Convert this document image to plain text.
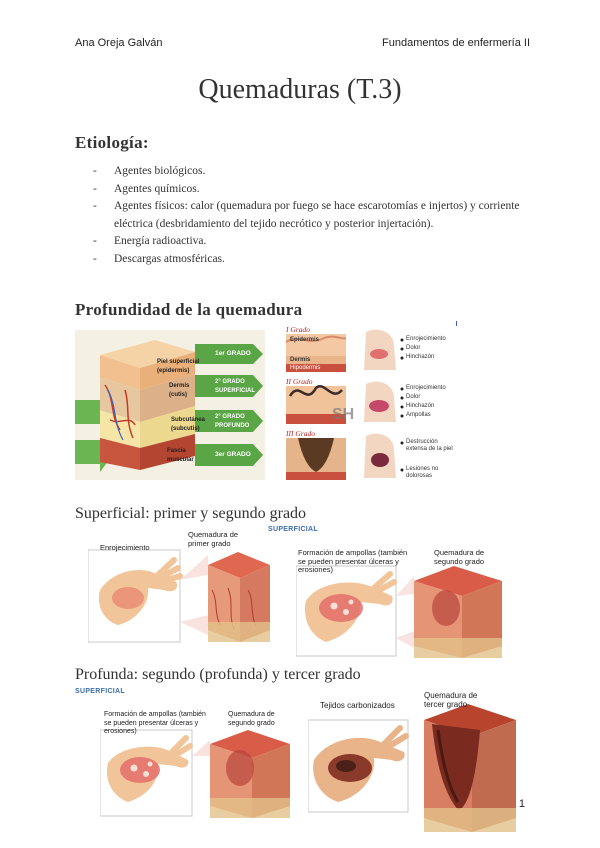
Ana Oreja Galván	Fundamentos de enfermería II
Quemaduras (T.3)
Etiología:
- Agentes biológicos.
- Agentes químicos.
- Agentes físicos: calor (quemadura por fuego se hace escarotomías e injertos) y corriente eléctrica (desbridamiento del tejido necrótico y posterior injertación).
- Energía radioactiva.
- Descargas atmosféricas.
Profundidad de la quemadura
Piel superficial (epidermis)
Dermis (cutis)
Subcutánea (subcutis)
Fascia muscular
1er GRADO
2° GRADO SUPERFICIAL
2° GRADO PROFUNDO
3er GRADO
I Grado
Epidermis
Dermis
Hipodermis
II Grado
III Grado
Enrojecimiento
Dolor
Hinchazón
Enrojecimiento
Dolor
Hinchazón
Ampollas
Destrucción extensa de la piel
Lesiones no dolorosas
SH
Superficial: primer y segundo grado
SUPERFICIAL
Enrojecimiento
Quemadura de primer grado
Formación de ampollas (también se pueden presentar úlceras y erosiones)
Quemadura de segundo grado
Profunda: segundo (profunda) y tercer grado
SUPERFICIAL
Formación de ampollas (también se pueden presentar úlceras y erosiones)
Quemadura de segundo grado
Tejidos carbonizados
Quemadura de tercer grado
1
